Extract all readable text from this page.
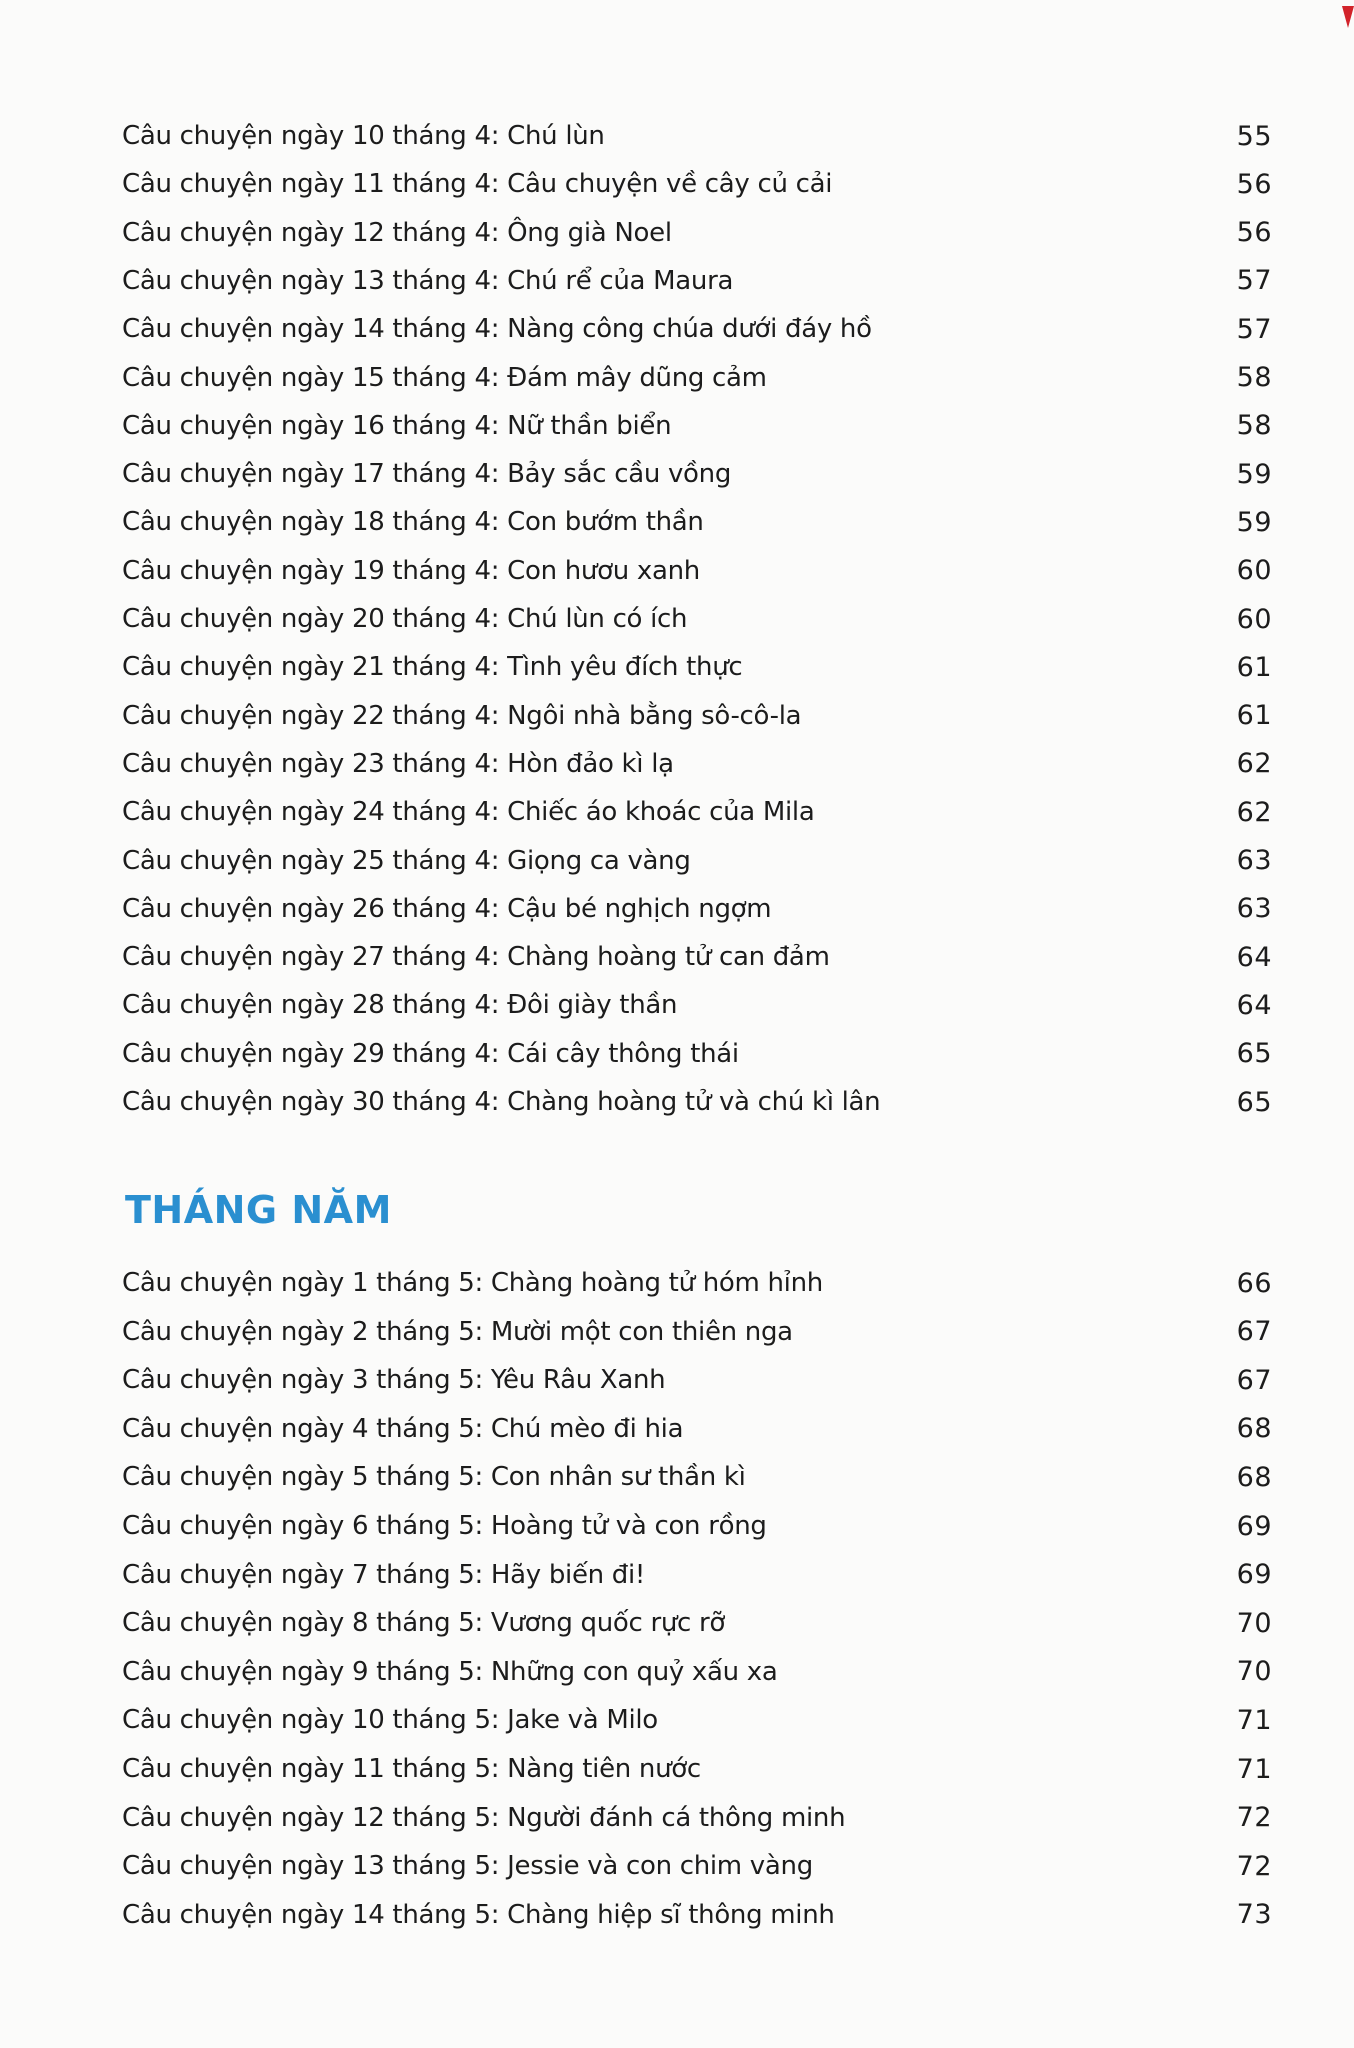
THÁNG NĂM
Câu chuyện ngày 10 tháng 4: Chú lùn	55
Câu chuyện ngày 11 tháng 4: Câu chuyện về cây củ cải	56
Câu chuyện ngày 12 tháng 4: Ông già Noel	56
Câu chuyện ngày 13 tháng 4: Chú rể của Maura	57
Câu chuyện ngày 14 tháng 4: Nàng công chúa dưới đáy hồ	57
Câu chuyện ngày 15 tháng 4: Đám mây dũng cảm	58
Câu chuyện ngày 16 tháng 4: Nữ thần biển	58
Câu chuyện ngày 17 tháng 4: Bảy sắc cầu vồng	59
Câu chuyện ngày 18 tháng 4: Con bướm thần	59
Câu chuyện ngày 19 tháng 4: Con hươu xanh	60
Câu chuyện ngày 20 tháng 4: Chú lùn có ích	60
Câu chuyện ngày 21 tháng 4: Tình yêu đích thực	61
Câu chuyện ngày 22 tháng 4: Ngôi nhà bằng sô-cô-la	61
Câu chuyện ngày 23 tháng 4: Hòn đảo kì lạ	62
Câu chuyện ngày 24 tháng 4: Chiếc áo khoác của Mila	62
Câu chuyện ngày 25 tháng 4: Giọng ca vàng	63
Câu chuyện ngày 26 tháng 4: Cậu bé nghịch ngợm	63
Câu chuyện ngày 27 tháng 4: Chàng hoàng tử can đảm	64
Câu chuyện ngày 28 tháng 4: Đôi giày thần	64
Câu chuyện ngày 29 tháng 4: Cái cây thông thái	65
Câu chuyện ngày 30 tháng 4: Chàng hoàng tử và chú kì lân	65
Câu chuyện ngày 1 tháng 5: Chàng hoàng tử hóm hỉnh	66
Câu chuyện ngày 2 tháng 5: Mười một con thiên nga	67
Câu chuyện ngày 3 tháng 5: Yêu Râu Xanh	67
Câu chuyện ngày 4 tháng 5: Chú mèo đi hia	68
Câu chuyện ngày 5 tháng 5: Con nhân sư thần kì	68
Câu chuyện ngày 6 tháng 5: Hoàng tử và con rồng	69
Câu chuyện ngày 7 tháng 5: Hãy biến đi!	69
Câu chuyện ngày 8 tháng 5: Vương quốc rực rỡ	70
Câu chuyện ngày 9 tháng 5: Những con quỷ xấu xa	70
Câu chuyện ngày 10 tháng 5: Jake và Milo	71
Câu chuyện ngày 11 tháng 5: Nàng tiên nước	71
Câu chuyện ngày 12 tháng 5: Người đánh cá thông minh	72
Câu chuyện ngày 13 tháng 5: Jessie và con chim vàng	72
Câu chuyện ngày 14 tháng 5: Chàng hiệp sĩ thông minh	73
